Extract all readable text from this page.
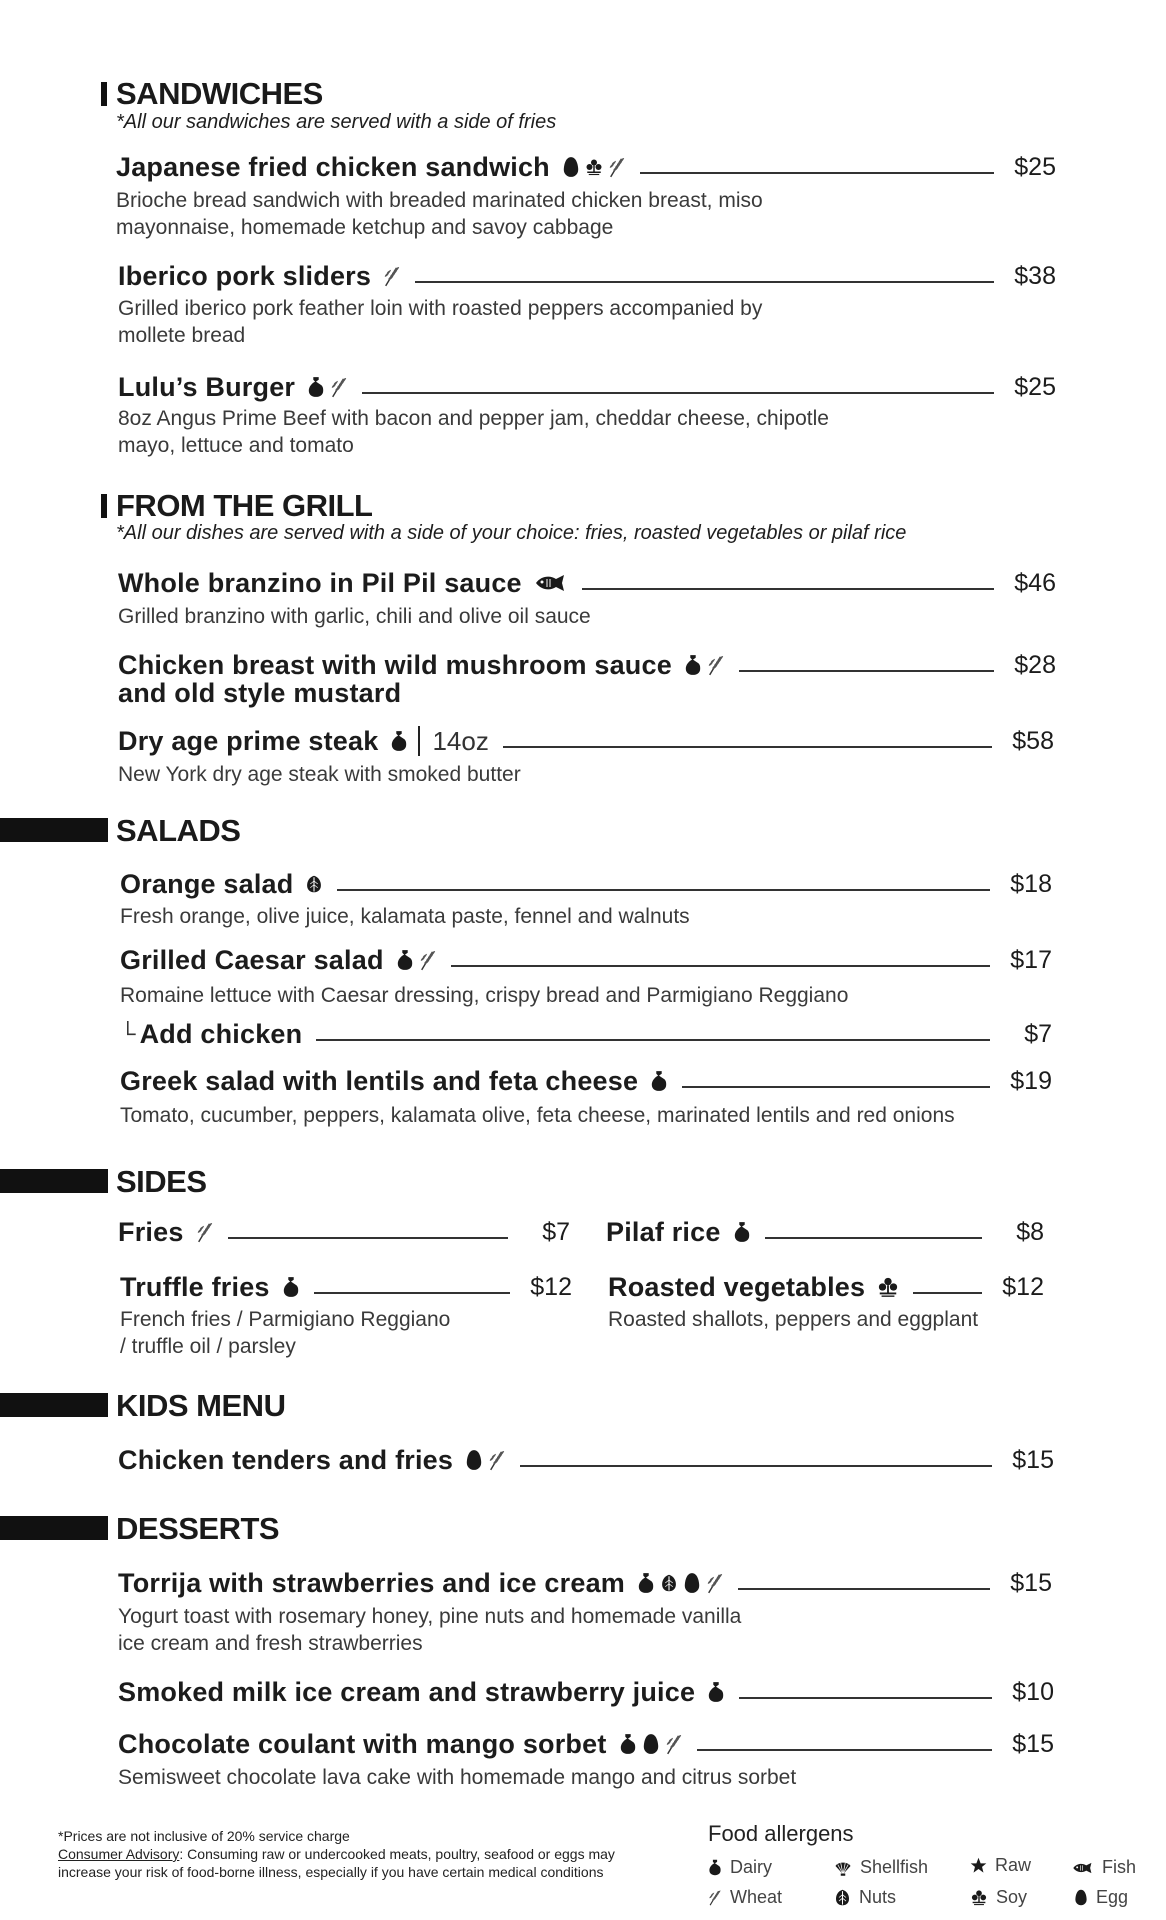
SANDWICHES
*All our sandwiches are served with a side of fries
Japanese fried chicken sandwich	$25
Brioche bread sandwich with breaded marinated chicken breast, miso mayonnaise, homemade ketchup and savoy cabbage
Iberico pork sliders	$38
Grilled iberico pork feather loin with roasted peppers accompanied by mollete bread
Lulu’s Burger	$25
8oz Angus Prime Beef with bacon and pepper jam, cheddar cheese, chipotle mayo, lettuce and tomato
FROM THE GRILL
*All our dishes are served with a side of your choice: fries, roasted vegetables or pilaf rice
Whole branzino in Pil Pil sauce	$46
Grilled branzino with garlic, chili and olive oil sauce
Chicken breast with wild mushroom sauce	$28
and old style mustard
Dry age prime steak	14oz	$58
New York dry age steak with smoked butter
SALADS
Orange salad	$18
Fresh orange, olive juice, kalamata paste, fennel and walnuts
Grilled Caesar salad	$17
Romaine lettuce with Caesar dressing, crispy bread and Parmigiano Reggiano
└ Add chicken	$7
Greek salad with lentils and feta cheese	$19
Tomato, cucumber, peppers, kalamata olive, feta cheese, marinated lentils and red onions
SIDES
Fries	$7 Pilaf rice	$8
Truffle fries	$12
French fries / Parmigiano Reggiano
/ truffle oil / parsley
Roasted vegetables	$12
Roasted shallots, peppers and eggplant
KIDS MENU
Chicken tenders and fries	$15
DESSERTS
Torrija with strawberries and ice cream	$15
Yogurt toast with rosemary honey, pine nuts and homemade vanilla ice cream and fresh strawberries
Smoked milk ice cream and strawberry juice	$10
Chocolate coulant with mango sorbet	$15
Semisweet chocolate lava cake with homemade mango and citrus sorbet
*Prices are not inclusive of 20% service charge
Consumer Advisory: Consuming raw or undercooked meats, poultry, seafood or eggs may increase your risk of food-borne illness, especially if you have certain medical conditions
Food allergens
Dairy	Shellfish	Raw	Fish
Wheat	Nuts	Soy	Egg
